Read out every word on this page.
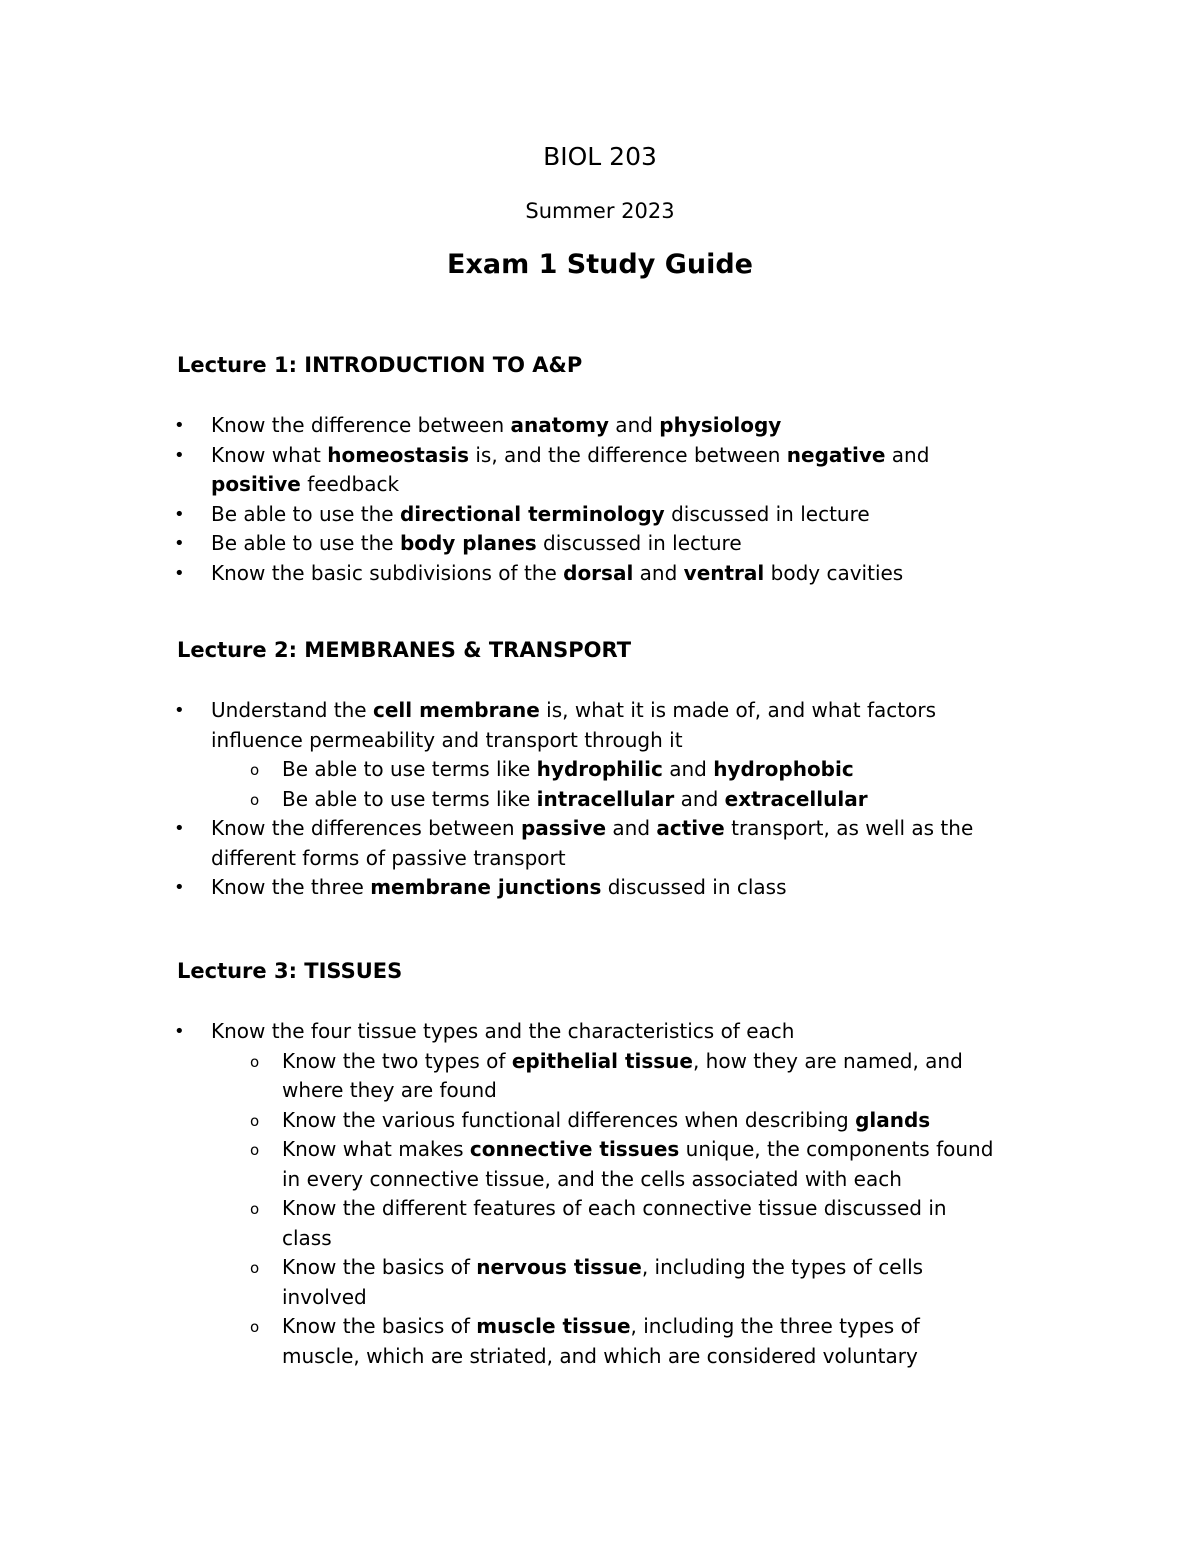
BIOL 203
Summer 2023
Exam 1 Study Guide
Lecture 1: INTRODUCTION TO A&P
• Know the difference between anatomy and physiology
• Know what homeostasis is, and the difference between negative and
positive feedback
• Be able to use the directional terminology discussed in lecture
• Be able to use the body planes discussed in lecture
• Know the basic subdivisions of the dorsal and ventral body cavities
Lecture 2: MEMBRANES & TRANSPORT
• Understand the cell membrane is, what it is made of, and what factors
influence permeability and transport through it
o Be able to use terms like hydrophilic and hydrophobic
o Be able to use terms like intracellular and extracellular
• Know the differences between passive and active transport, as well as the
different forms of passive transport
• Know the three membrane junctions discussed in class
Lecture 3: TISSUES
• Know the four tissue types and the characteristics of each
o Know the two types of epithelial tissue, how they are named, and
where they are found
o Know the various functional differences when describing glands
o Know what makes connective tissues unique, the components found
in every connective tissue, and the cells associated with each
o Know the different features of each connective tissue discussed in
class
o Know the basics of nervous tissue, including the types of cells
involved
o Know the basics of muscle tissue, including the three types of
muscle, which are striated, and which are considered voluntary
